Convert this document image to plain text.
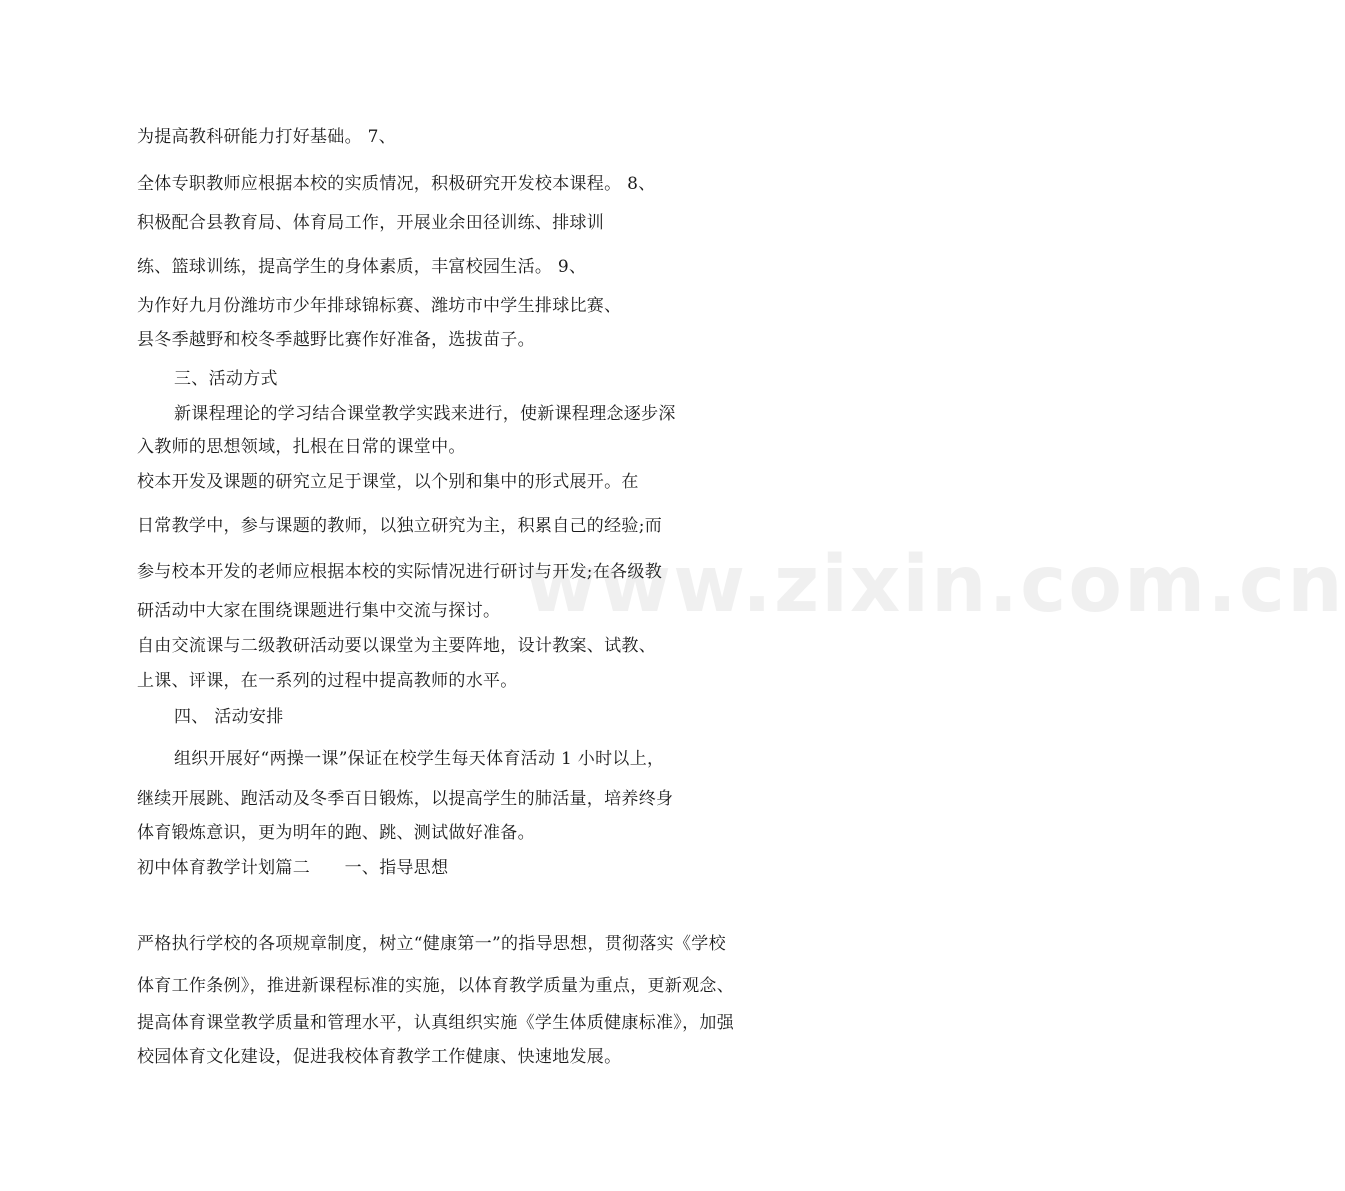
www.zixin.com.cn
为提高教科研能力打好基础。 7、
全体专职教师应根据本校的实质情况，积极研究开发校本课程。 8、
积极配合县教育局、体育局工作，开展业余田径训练、排球训
练、篮球训练，提高学生的身体素质，丰富校园生活。 9、
为作好九月份潍坊市少年排球锦标赛、潍坊市中学生排球比赛、
县冬季越野和校冬季越野比赛作好准备，选拔苗子。
三、活动方式
新课程理论的学习结合课堂教学实践来进行，使新课程理念逐步深
入教师的思想领域，扎根在日常的课堂中。
校本开发及课题的研究立足于课堂，以个别和集中的形式展开。在
日常教学中，参与课题的教师，以独立研究为主，积累自己的经验;而
参与校本开发的老师应根据本校的实际情况进行研讨与开发;在各级教
研活动中大家在围绕课题进行集中交流与探讨。
自由交流课与二级教研活动要以课堂为主要阵地，设计教案、试教、
上课、评课，在一系列的过程中提高教师的水平。
四、 活动安排
组织开展好“两操一课”保证在校学生每天体育活动 1 小时以上，
继续开展跳、跑活动及冬季百日锻炼，以提高学生的肺活量，培养终身
体育锻炼意识，更为明年的跑、跳、测试做好准备。
初中体育教学计划篇二　　一、指导思想
严格执行学校的各项规章制度，树立“健康第一”的指导思想，贯彻落实《学校
体育工作条例》，推进新课程标准的实施，以体育教学质量为重点，更新观念、
提高体育课堂教学质量和管理水平，认真组织实施《学生体质健康标准》，加强
校园体育文化建设，促进我校体育教学工作健康、快速地发展。
